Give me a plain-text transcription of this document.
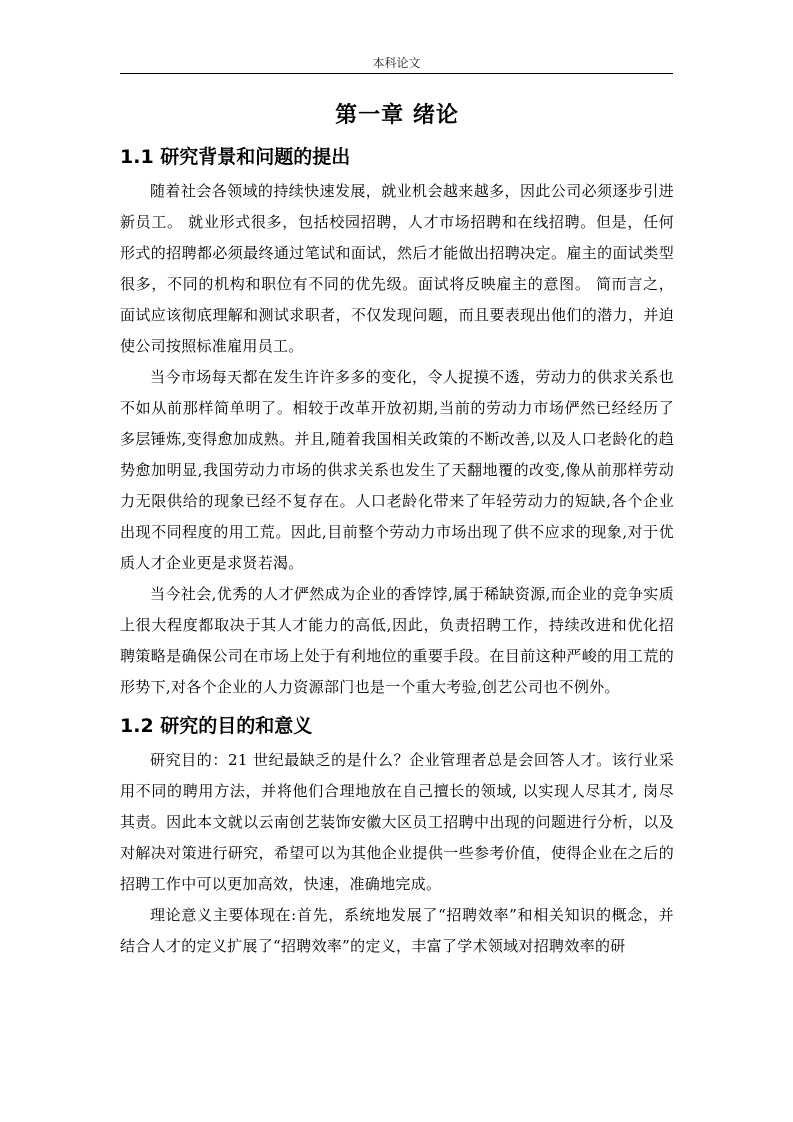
本科论文
第一章 绪论
1.1 研究背景和问题的提出

随着社会各领域的持续快速发展，就业机会越来越多，因此公司必须逐步引进新员工。 就业形式很多，包括校园招聘，人才市场招聘和在线招聘。但是，任何形式的招聘都必须最终通过笔试和面试，然后才能做出招聘决定。雇主的面试类型很多，不同的机构和职位有不同的优先级。面试将反映雇主的意图。 简而言之，面试应该彻底理解和测试求职者，不仅发现问题，而且要表现出他们的潜力，并迫使公司按照标准雇用员工。

当今市场每天都在发生许许多多的变化，令人捉摸不透，劳动力的供求关系也不如从前那样简单明了。相较于改革开放初期,当前的劳动力市场俨然已经经历了多层锤炼,变得愈加成熟。并且,随着我国相关政策的不断改善,以及人口老龄化的趋势愈加明显,我国劳动力市场的供求关系也发生了天翻地覆的改变,像从前那样劳动力无限供给的现象已经不复存在。人口老龄化带来了年轻劳动力的短缺,各个企业出现不同程度的用工荒。因此,目前整个劳动力市场出现了供不应求的现象,对于优质人才企业更是求贤若渴。

当今社会,优秀的人才俨然成为企业的香饽饽,属于稀缺资源,而企业的竞争实质上很大程度都取决于其人才能力的高低,因此，负责招聘工作，持续改进和优化招聘策略是确保公司在市场上处于有利地位的重要手段。在目前这种严峻的用工荒的形势下,对各个企业的人力资源部门也是一个重大考验,创艺公司也不例外。

1.2 研究的目的和意义

研究目的：21 世纪最缺乏的是什么？企业管理者总是会回答人才。该行业采用不同的聘用方法，并将他们合理地放在自己擅长的领域, 以实现人尽其才, 岗尽其责。因此本文就以云南创艺装饰安徽大区员工招聘中出现的问题进行分析，以及对解决对策进行研究，希望可以为其他企业提供一些参考价值，使得企业在之后的招聘工作中可以更加高效，快速，准确地完成。

理论意义主要体现在:首先，系统地发展了“招聘效率”和相关知识的概念，并结合人才的定义扩展了“招聘效率”的定义，丰富了学术领域对招聘效率的研
